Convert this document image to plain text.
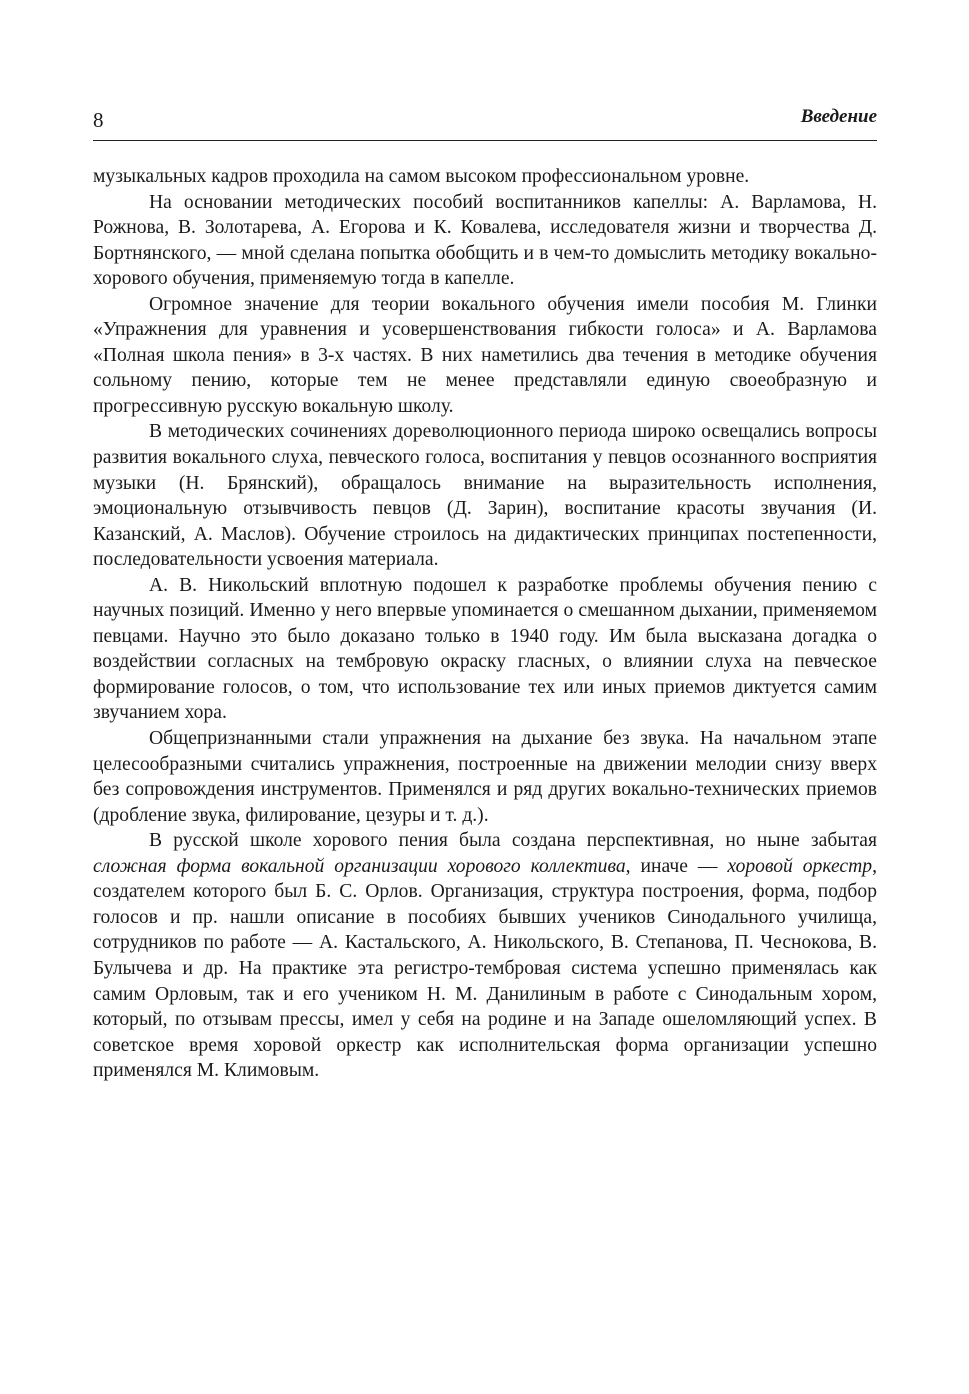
8	Введение

музыкальных кадров проходила на самом высоком профессиональном уровне.

На основании методических пособий воспитанников капеллы: А. Варламова, Н. Рожнова, В. Золотарева, А. Егорова и К. Ковалева, исследователя жизни и творчества Д. Бортнянского, — мной сделана попытка обобщить и в чем-то домыслить методику вокально-хорового обучения, применяемую тогда в капелле.

Огромное значение для теории вокального обучения имели пособия М. Глинки «Упражнения для уравнения и усовершенствования гибкости голоса» и А. Варламова «Полная школа пения» в 3-х частях. В них наметились два течения в методике обучения сольному пению, которые тем не менее представляли единую своеобразную и прогрессивную русскую вокальную школу.

В методических сочинениях дореволюционного периода широко освещались вопросы развития вокального слуха, певческого голоса, воспитания у певцов осознанного восприятия музыки (Н. Брянский), обращалось внимание на выразительность исполнения, эмоциональную отзывчивость певцов (Д. Зарин), воспитание красоты звучания (И. Казанский, А. Маслов). Обучение строилось на дидактических принципах постепенности, последовательности усвоения материала.

А. В. Никольский вплотную подошел к разработке проблемы обучения пению с научных позиций. Именно у него впервые упоминается о смешанном дыхании, применяемом певцами. Научно это было доказано только в 1940 году. Им была высказана догадка о воздействии согласных на тембровую окраску гласных, о влиянии слуха на певческое формирование голосов, о том, что использование тех или иных приемов диктуется самим звучанием хора.

Общепризнанными стали упражнения на дыхание без звука. На начальном этапе целесообразными считались упражнения, построенные на движении мелодии снизу вверх без сопровождения инструментов. Применялся и ряд других вокально-технических приемов (дробление звука, филирование, цезуры и т. д.).

В русской школе хорового пения была создана перспективная, но ныне забытая сложная форма вокальной организации хорового коллектива, иначе — хоровой оркестр, создателем которого был Б. С. Орлов. Организация, структура построения, форма, подбор голосов и пр. нашли описание в пособиях бывших учеников Синодального училища, сотрудников по работе — А. Кастальского, А. Никольского, В. Степанова, П. Чеснокова, В. Булычева и др. На практике эта регистро-тембровая система успешно применялась как самим Орловым, так и его учеником Н. М. Данилиным в работе с Синодальным хором, который, по отзывам прессы, имел у себя на родине и на Западе ошеломляющий успех. В советское время хоровой оркестр как исполнительская форма организации успешно применялся М. Климовым.
